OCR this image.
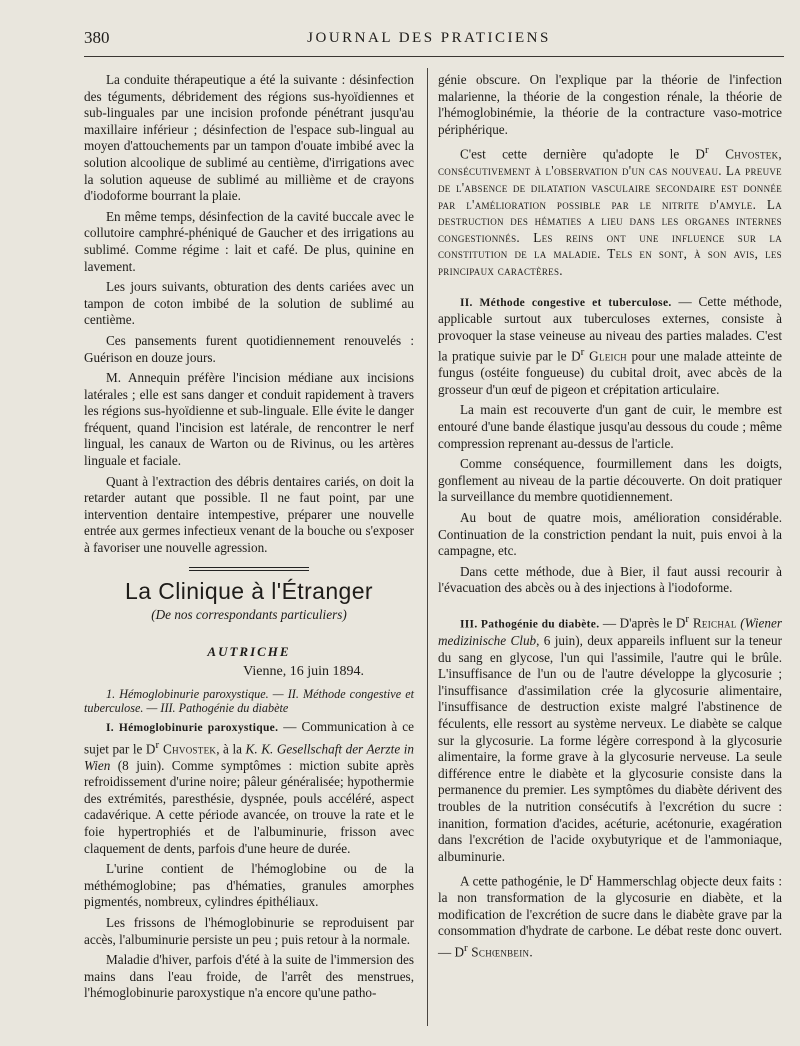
380	JOURNAL DES PRATICIENS

La conduite thérapeutique a été la suivante : désinfection des téguments, débridement des régions sus-hyoïdiennes et sub-linguales par une incision profonde pénétrant jusqu'au maxillaire inférieur ; désinfection de l'espace sub-lingual au moyen d'attouchements par un tampon d'ouate imbibé avec la solution alcoolique de sublimé au centième, d'irrigations avec la solution aqueuse de sublimé au millième et de crayons d'iodoforme bourrant la plaie.

En même temps, désinfection de la cavité buccale avec le collutoire camphré-phéniqué de Gaucher et des irrigations au sublimé. Comme régime : lait et café. De plus, quinine en lavement.

Les jours suivants, obturation des dents cariées avec un tampon de coton imbibé de la solution de sublimé au centième.

Ces pansements furent quotidiennement renouvelés : Guérison en douze jours.

M. Annequin préfère l'incision médiane aux incisions latérales ; elle est sans danger et conduit rapidement à travers les régions sus-hyoïdienne et sub-linguale. Elle évite le danger fréquent, quand l'incision est latérale, de rencontrer le nerf lingual, les canaux de Warton ou de Rivinus, ou les artères linguale et faciale.

Quant à l'extraction des débris dentaires cariés, on doit la retarder autant que possible. Il ne faut point, par une intervention dentaire intempestive, préparer une nouvelle entrée aux germes infectieux venant de la bouche ou s'exposer à favoriser une nouvelle agression.

La Clinique à l'Étranger
(De nos correspondants particuliers)
AUTRICHE
Vienne, 16 juin 1894.

1. Hémoglobinurie paroxystique. — II. Méthode congestive et tuberculose. — III. Pathogénie du diabète

I. Hémoglobinurie paroxystique. — Communication à ce sujet par le $D^r$ Chvostek, à la K. K. Gesellschaft der Aerzte in Wien (8 juin). Comme symptômes : miction subite après refroidissement d'urine noire; pâleur généralisée; hypothermie des extrémités, paresthésie, dyspnée, pouls accéléré, aspect cadavérique. A cette période avancée, on trouve la rate et le foie hypertrophiés et de l'albuminurie, frisson avec claquement de dents, parfois d'une heure de durée.

L'urine contient de l'hémoglobine ou de la méthémoglobine; pas d'hématies, granules amorphes pigmentés, nombreux, cylindres épithéliaux.

Les frissons de l'hémoglobinurie se reproduisent par accès, l'albuminurie persiste un peu ; puis retour à la normale.

Maladie d'hiver, parfois d'été à la suite de l'immersion des mains dans l'eau froide, de l'arrêt des menstrues, l'hémoglobinurie paroxystique n'a encore qu'une patho-

génie obscure. On l'explique par la théorie de l'infection malarienne, la théorie de la congestion rénale, la théorie de l'hémoglobinémie, la théorie de la contracture vaso-motrice périphérique.

C'est cette dernière qu'adopte le $D^r$ Chvostek, consécutivement à l'observation d'un cas nouveau. La preuve de l'absence de dilatation vasculaire secondaire est donnée par l'amélioration possible par le nitrite d'amyle. La destruction des hématies a lieu dans les organes internes congestionnés. Les reins ont une influence sur la constitution de la maladie. Tels en sont, à son avis, les principaux caractères.

II. Méthode congestive et tuberculose. — Cette méthode, applicable surtout aux tuberculoses externes, consiste à provoquer la stase veineuse au niveau des parties malades. C'est la pratique suivie par le $D^r$ Gleich pour une malade atteinte de fungus (ostéite fongueuse) du cubital droit, avec abcès de la grosseur d'un œuf de pigeon et crépitation articulaire.

La main est recouverte d'un gant de cuir, le membre est entouré d'une bande élastique jusqu'au dessous du coude ; même compression reprenant au-dessus de l'article.

Comme conséquence, fourmillement dans les doigts, gonflement au niveau de la partie découverte. On doit pratiquer la surveillance du membre quotidiennement.

Au bout de quatre mois, amélioration considérable. Continuation de la constriction pendant la nuit, puis envoi à la campagne, etc.

Dans cette méthode, due à Bier, il faut aussi recourir à l'évacuation des abcès ou à des injections à l'iodoforme.

III. Pathogénie du diabète. — D'après le $D^r$ Reichal (Wiener medizinische Club, 6 juin), deux appareils influent sur la teneur du sang en glycose, l'un qui l'assimile, l'autre qui le brûle. L'insuffisance de l'un ou de l'autre développe la glycosurie ; l'insuffisance d'assimilation crée la glycosurie alimentaire, l'insuffisance de destruction existe malgré l'abstinence de féculents, elle ressort au système nerveux. Le diabète se calque sur la glycosurie. La forme légère correspond à la glycosurie alimentaire, la forme grave à la glycosurie nerveuse. La seule différence entre le diabète et la glycosurie consiste dans la permanence du premier. Les symptômes du diabète dérivent des troubles de la nutrition consécutifs à l'excrétion du sucre : inanition, formation d'acides, acéturie, acétonurie, exagération dans l'excrétion de l'acide oxybutyrique et de l'ammoniaque, albuminurie.

A cette pathogénie, le $D^r$ Hammerschlag objecte deux faits : la non transformation de la glycosurie en diabète, et la modification de l'excrétion de sucre dans le diabète grave par la consommation d'hydrate de carbone. Le débat reste donc ouvert. — $D^r$ Schœnbein.
